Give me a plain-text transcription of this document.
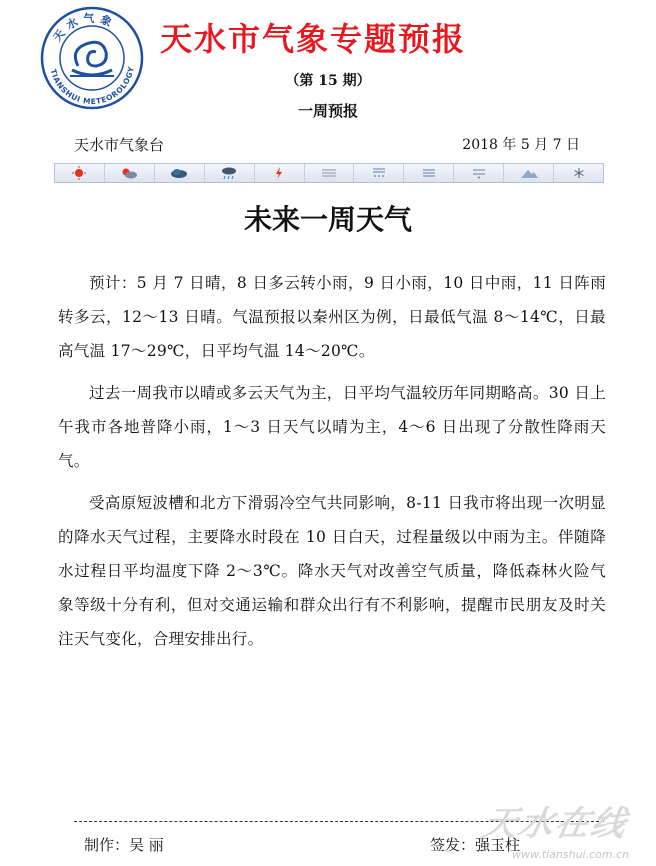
天水气象
TIANSHUI METEOROLOGY
天水市气象专题预报
（第 15 期）
一周预报
天水市气象台	2018 年 5 月 7 日
未来一周天气

预计：5 月 7 日晴，8 日多云转小雨，9 日小雨，10 日中雨，11 日阵雨转多云，12～13 日晴。气温预报以秦州区为例，日最低气温 8～14℃，日最高气温 17～29℃，日平均气温 14～20℃。

过去一周我市以晴或多云天气为主，日平均气温较历年同期略高。30 日上午我市各地普降小雨，1～3 日天气以晴为主，4～6 日出现了分散性降雨天气。

受高原短波槽和北方下滑弱冷空气共同影响，8-11 日我市将出现一次明显的降水天气过程，主要降水时段在 10 日白天，过程量级以中雨为主。伴随降水过程日平均温度下降 2～3℃。降水天气对改善空气质量，降低森林火险气象等级十分有利，但对交通运输和群众出行有不利影响，提醒市民朋友及时关注天气变化，合理安排出行。

制作：吴 丽	签发：强玉柱
天水在线
www.tianshui.com.cn
